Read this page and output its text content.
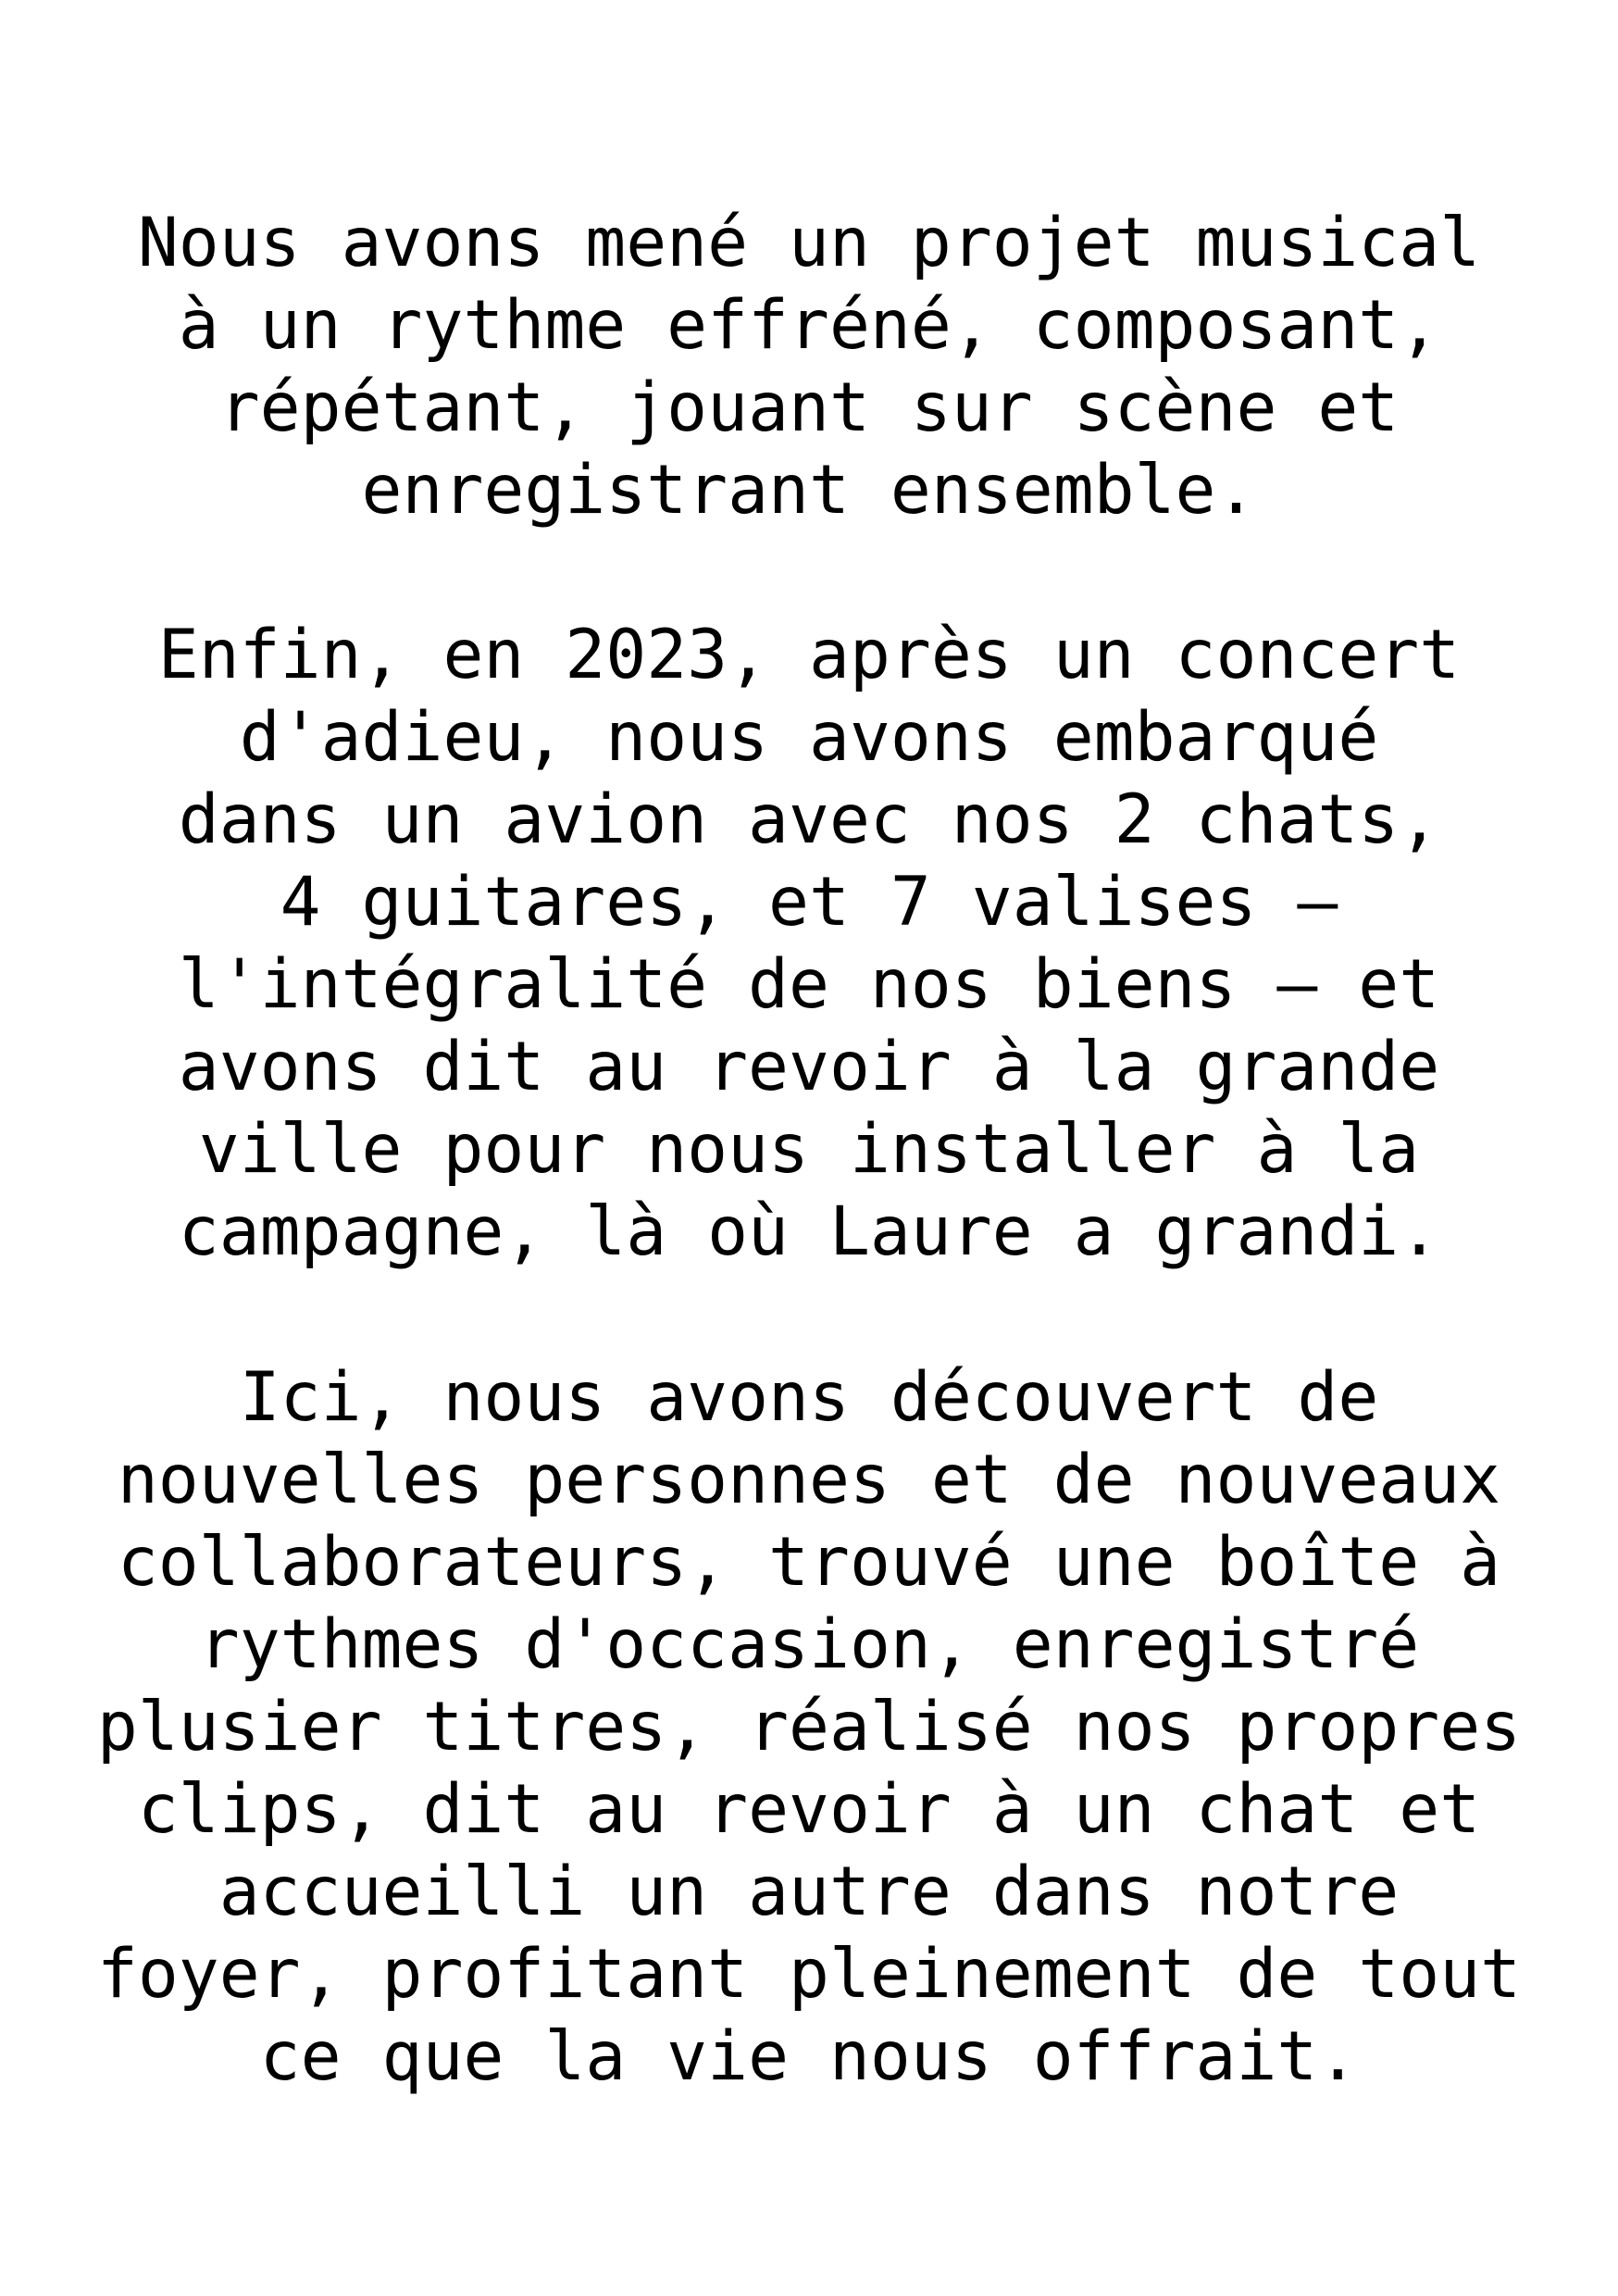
Nous avons mené un projet musical
à un rythme effréné, composant,
répétant, jouant sur scène et
enregistrant ensemble.
Enfin, en 2023, après un concert
d'adieu, nous avons embarqué
dans un avion avec nos 2 chats,
4 guitares, et 7 valises –
l'intégralité de nos biens – et
avons dit au revoir à la grande
ville pour nous installer à la
campagne, là où Laure a grandi.
Ici, nous avons découvert de
nouvelles personnes et de nouveaux
collaborateurs, trouvé une boîte à
rythmes d'occasion, enregistré
plusier titres, réalisé nos propres
clips, dit au revoir à un chat et
accueilli un autre dans notre
foyer, profitant pleinement de tout
ce que la vie nous offrait.
